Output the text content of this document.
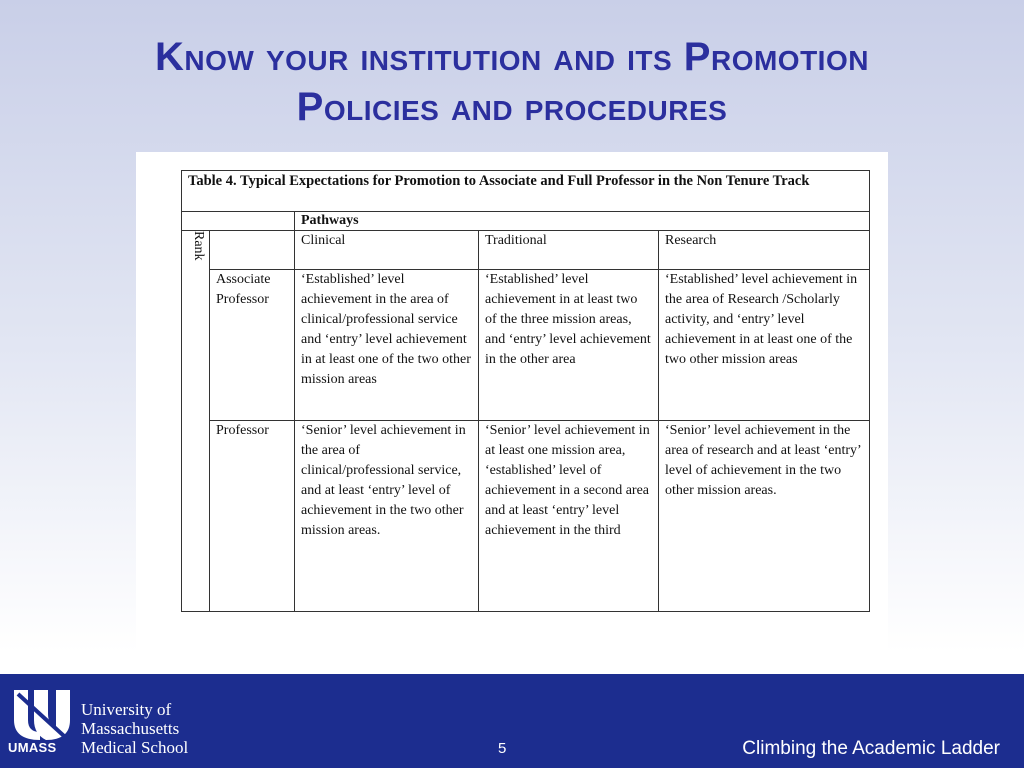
Know your institution and its Promotion
Policies and procedures
Table 4. Typical Expectations for Promotion to Associate and Full Professor in the Non Tenure Track				
		Pathways		

Rank		Clinical	Traditional	Research
	Associate Professor	‘Established’ level achievement in the area of clinical/professional service and ‘entry’ level achievement in at least one of the two other mission areas	‘Established’ level achievement in at least two of the three mission areas, and ‘entry’ level achievement in the other area	‘Established’ level achievement in the area of Research /Scholarly activity, and ‘entry’ level achievement in at least one of the two other mission areas
	Professor	‘Senior’ level achievement in the area of clinical/professional service, and at least ‘entry’ level of achievement in the two other mission areas.	‘Senior’ level achievement in at least one mission area, ‘established’ level of achievement in a second area and at least ‘entry’ level achievement in the third	‘Senior’ level achievement in the area of research and at least ‘entry’ level of achievement in the two other mission areas.
UMASS
University of
Massachusetts
Medical School	5	Climbing the Academic Ladder
